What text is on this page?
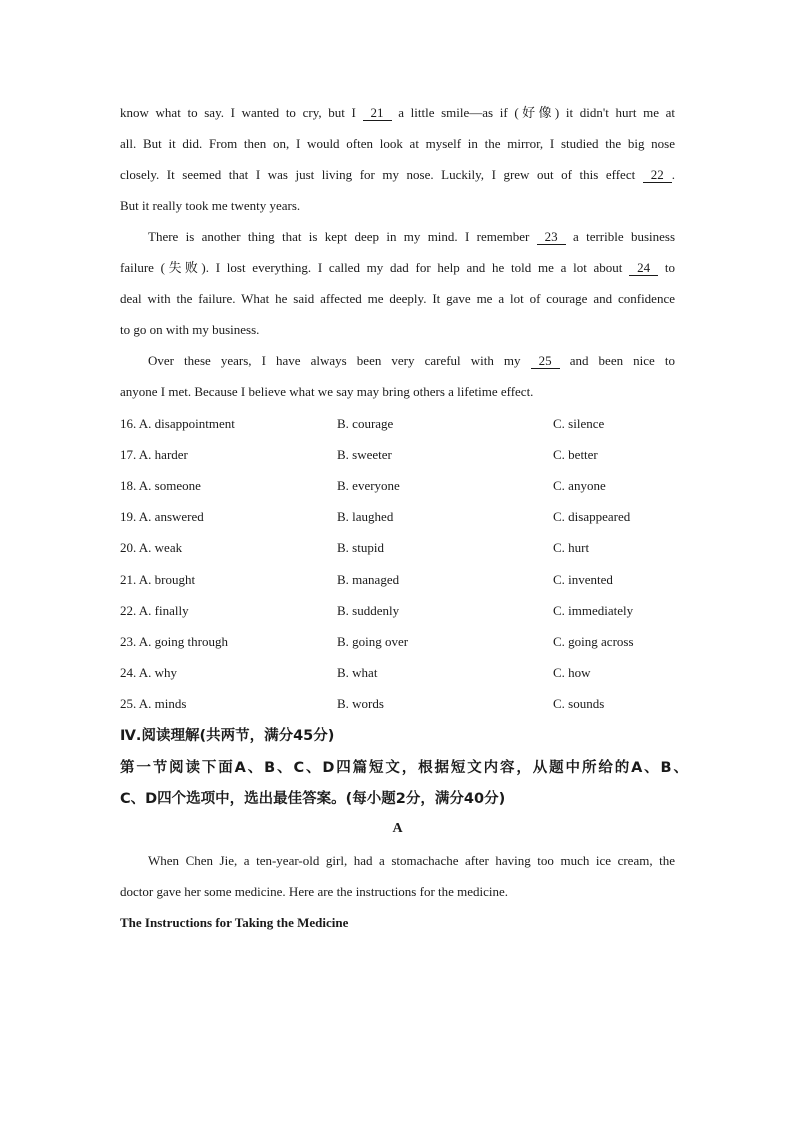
know what to say. I wanted to cry, but I 21 a little smile—as if (好像) it didn't hurt me at
all. But it did. From then on, I would often look at myself in the mirror, I studied the big nose
closely. It seemed that I was just living for my nose. Luckily, I grew out of this effect 22 .
But it really took me twenty years.
There is another thing that is kept deep in my mind. I remember 23 a terrible business
failure (失败). I lost everything. I called my dad for help and he told me a lot about 24 to
deal with the failure. What he said affected me deeply. It gave me a lot of courage and confidence
to go on with my business.
Over these years, I have always been very careful with my 25 and been nice to
anyone I met. Because I believe what we say may bring others a lifetime effect.
16. A. disappointment	B. courage	C. silence
17. A. harder	B. sweeter	C. better
18. A. someone	B. everyone	C. anyone
19. A. answered	B. laughed	C. disappeared
20. A. weak	B. stupid	C. hurt
21. A. brought	B. managed	C. invented
22. A. finally	B. suddenly	C. immediately
23. A. going through	B. going over	C. going across
24. A. why	B. what	C. how
25. A. minds	B. words	C. sounds
Ⅳ.阅读理解(共两节，满分45分)
第一节阅读下面A、B、C、D四篇短文，根据短文内容，从题中所给的A、B、
C、D四个选项中，选出最佳答案。(每小题2分，满分40分)
A
When Chen Jie, a ten-year-old girl, had a stomachache after having too much ice cream, the
doctor gave her some medicine. Here are the instructions for the medicine.
The Instructions for Taking the Medicine
